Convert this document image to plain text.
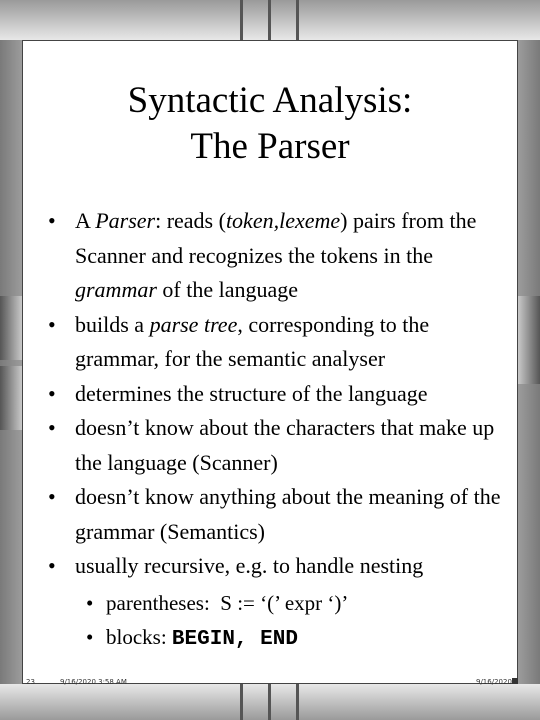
Syntactic Analysis:
The Parser
• A Parser: reads (token,lexeme) pairs from the Scanner and recognizes the tokens in the grammar of the language
• builds a parse tree, corresponding to the grammar, for the semantic analyser
• determines the structure of the language
• doesn’t know about the characters that make up the language (Scanner)
• doesn’t know anything about the meaning of the grammar (Semantics)
• usually recursive, e.g. to handle nesting
• parentheses:  S := ‘(’ expr ‘)’
• blocks: BEGIN, END
23	9/16/2020 3:58 AM	9/16/2020
